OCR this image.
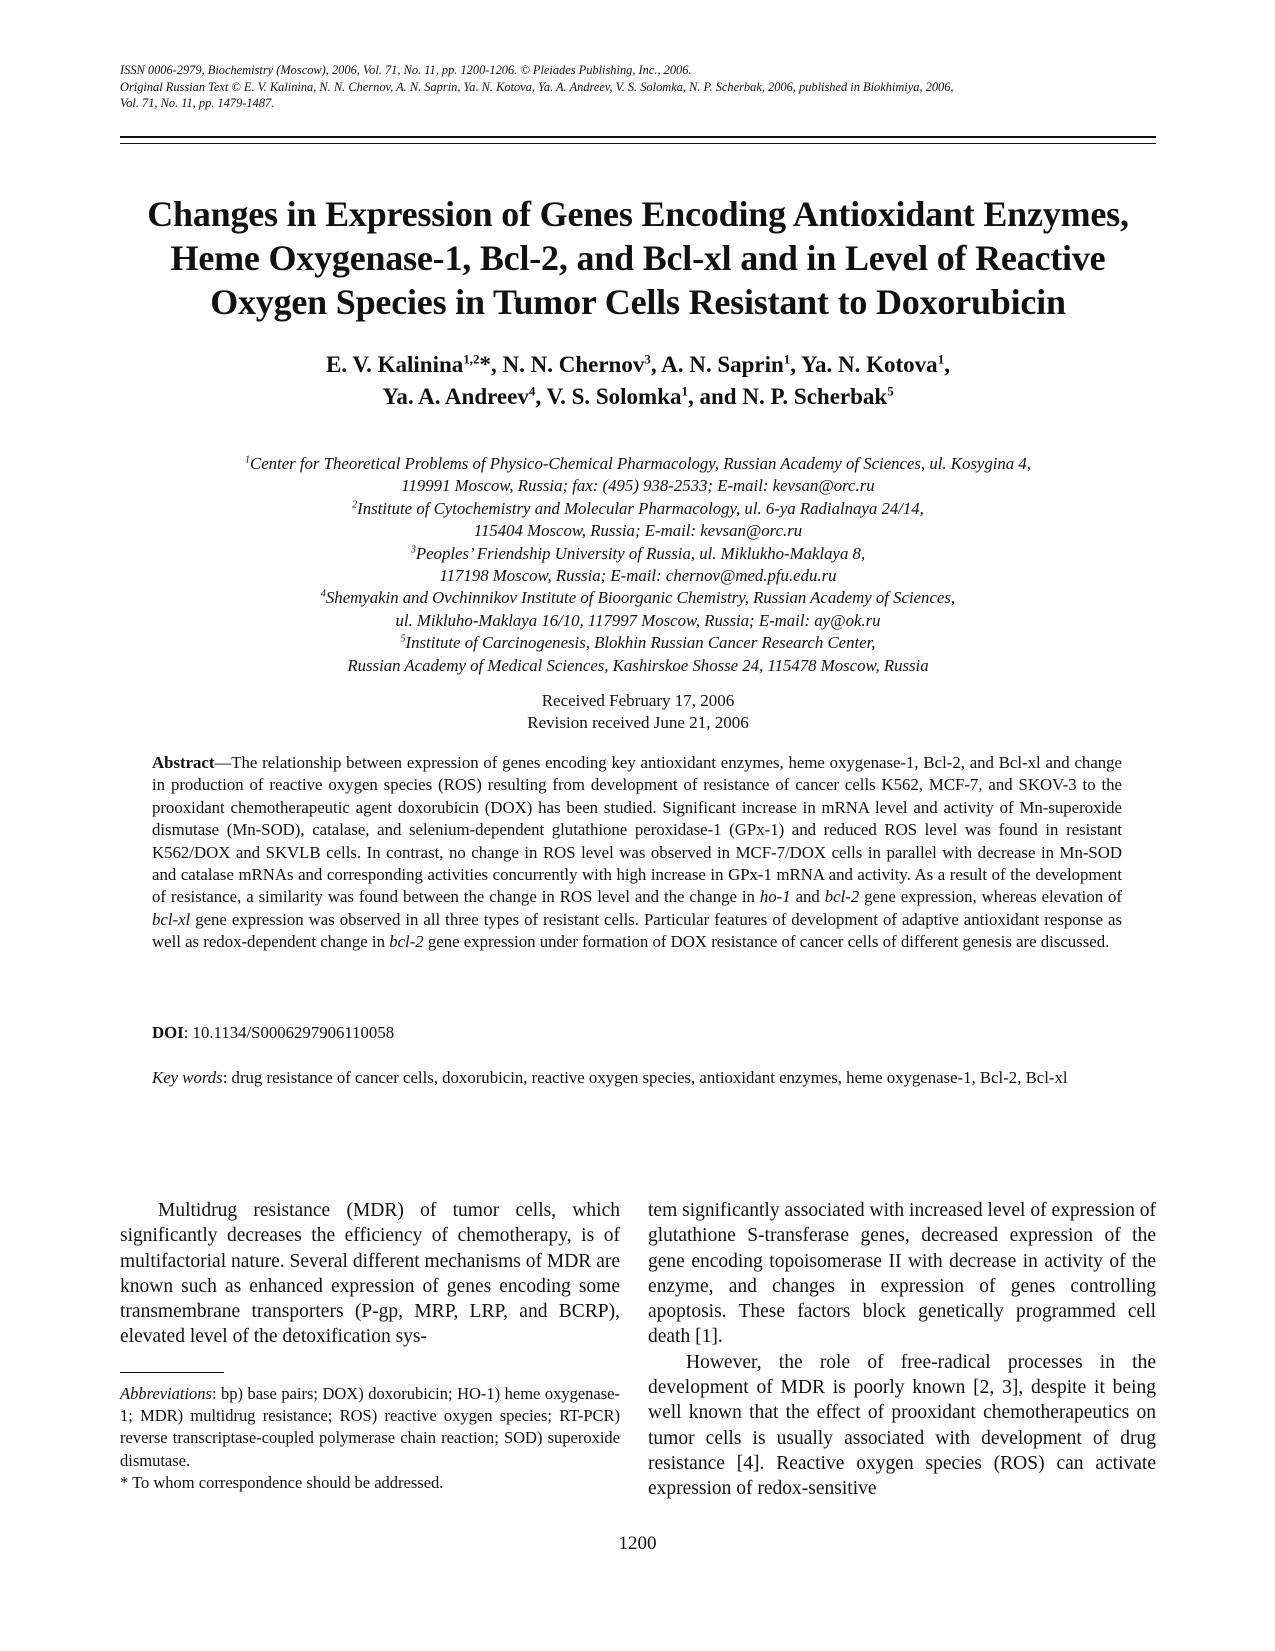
ISSN 0006-2979, Biochemistry (Moscow), 2006, Vol. 71, No. 11, pp. 1200-1206. © Pleiades Publishing, Inc., 2006.
Original Russian Text © E. V. Kalinina, N. N. Chernov, A. N. Saprin, Ya. N. Kotova, Ya. A. Andreev, V. S. Solomka, N. P. Scherbak, 2006, published in Biokhimiya, 2006,
Vol. 71, No. 11, pp. 1479-1487.
Changes in Expression of Genes Encoding Antioxidant Enzymes,
Heme Oxygenase-1, Bcl-2, and Bcl-xl and in Level of Reactive
Oxygen Species in Tumor Cells Resistant to Doxorubicin
E. V. Kalinina$^{1,2}$*, N. N. Chernov$^3$, A. N. Saprin$^1$, Ya. N. Kotova$^1$,
Ya. A. Andreev$^4$, V. S. Solomka$^1$, and N. P. Scherbak$^5$
$^1$Center for Theoretical Problems of Physico-Chemical Pharmacology, Russian Academy of Sciences, ul. Kosygina 4,
119991 Moscow, Russia; fax: (495) 938-2533; E-mail: kevsan@orc.ru
$^2$Institute of Cytochemistry and Molecular Pharmacology, ul. 6-ya Radialnaya 24/14,
115404 Moscow, Russia; E-mail: kevsan@orc.ru
$^3$Peoples’ Friendship University of Russia, ul. Miklukho-Maklaya 8,
117198 Moscow, Russia; E-mail: chernov@med.pfu.edu.ru
$^4$Shemyakin and Ovchinnikov Institute of Bioorganic Chemistry, Russian Academy of Sciences,
ul. Mikluho-Maklaya 16/10, 117997 Moscow, Russia; E-mail: ay@ok.ru
$^5$Institute of Carcinogenesis, Blokhin Russian Cancer Research Center,
Russian Academy of Medical Sciences, Kashirskoe Shosse 24, 115478 Moscow, Russia
Received February 17, 2006
Revision received June 21, 2006

Abstract—The relationship between expression of genes encoding key antioxidant enzymes, heme oxygenase-1, Bcl-2, and Bcl-xl and change in production of reactive oxygen species (ROS) resulting from development of resistance of cancer cells K562, MCF-7, and SKOV-3 to the prooxidant chemotherapeutic agent doxorubicin (DOX) has been studied. Significant increase in mRNA level and activity of Mn-superoxide dismutase (Mn-SOD), catalase, and selenium-dependent glutathione peroxidase-1 (GPx-1) and reduced ROS level was found in resistant K562/DOX and SKVLB cells. In contrast, no change in ROS level was observed in MCF-7/DOX cells in parallel with decrease in Mn-SOD and catalase mRNAs and corresponding activities concurrently with high increase in GPx-1 mRNA and activity. As a result of the development of resistance, a similarity was found between the change in ROS level and the change in ho-1 and bcl-2 gene expression, whereas elevation of bcl-xl gene expression was observed in all three types of resistant cells. Particular features of development of adaptive antioxidant response as well as redox-dependent change in bcl-2 gene expression under formation of DOX resistance of cancer cells of different genesis are discussed.

DOI: 10.1134/S0006297906110058

Key words: drug resistance of cancer cells, doxorubicin, reactive oxygen species, antioxidant enzymes, heme oxygenase-1, Bcl-2, Bcl-xl

Multidrug resistance (MDR) of tumor cells, which significantly decreases the efficiency of chemotherapy, is of multifactorial nature. Several different mechanisms of MDR are known such as enhanced expression of genes encoding some transmembrane transporters (P-gp, MRP, LRP, and BCRP), elevated level of the detoxification sys-

Abbreviations: bp) base pairs; DOX) doxorubicin; HO-1) heme oxygenase-1; MDR) multidrug resistance; ROS) reactive oxygen species; RT-PCR) reverse transcriptase-coupled polymerase chain reaction; SOD) superoxide dismutase.

* To whom correspondence should be addressed.

tem significantly associated with increased level of expression of glutathione S-transferase genes, decreased expression of the gene encoding topoisomerase II with decrease in activity of the enzyme, and changes in expression of genes controlling apoptosis. These factors block genetically programmed cell death [1].

However, the role of free-radical processes in the development of MDR is poorly known [2, 3], despite it being well known that the effect of prooxidant chemotherapeutics on tumor cells is usually associated with development of drug resistance [4]. Reactive oxygen species (ROS) can activate expression of redox-sensitive

1200
